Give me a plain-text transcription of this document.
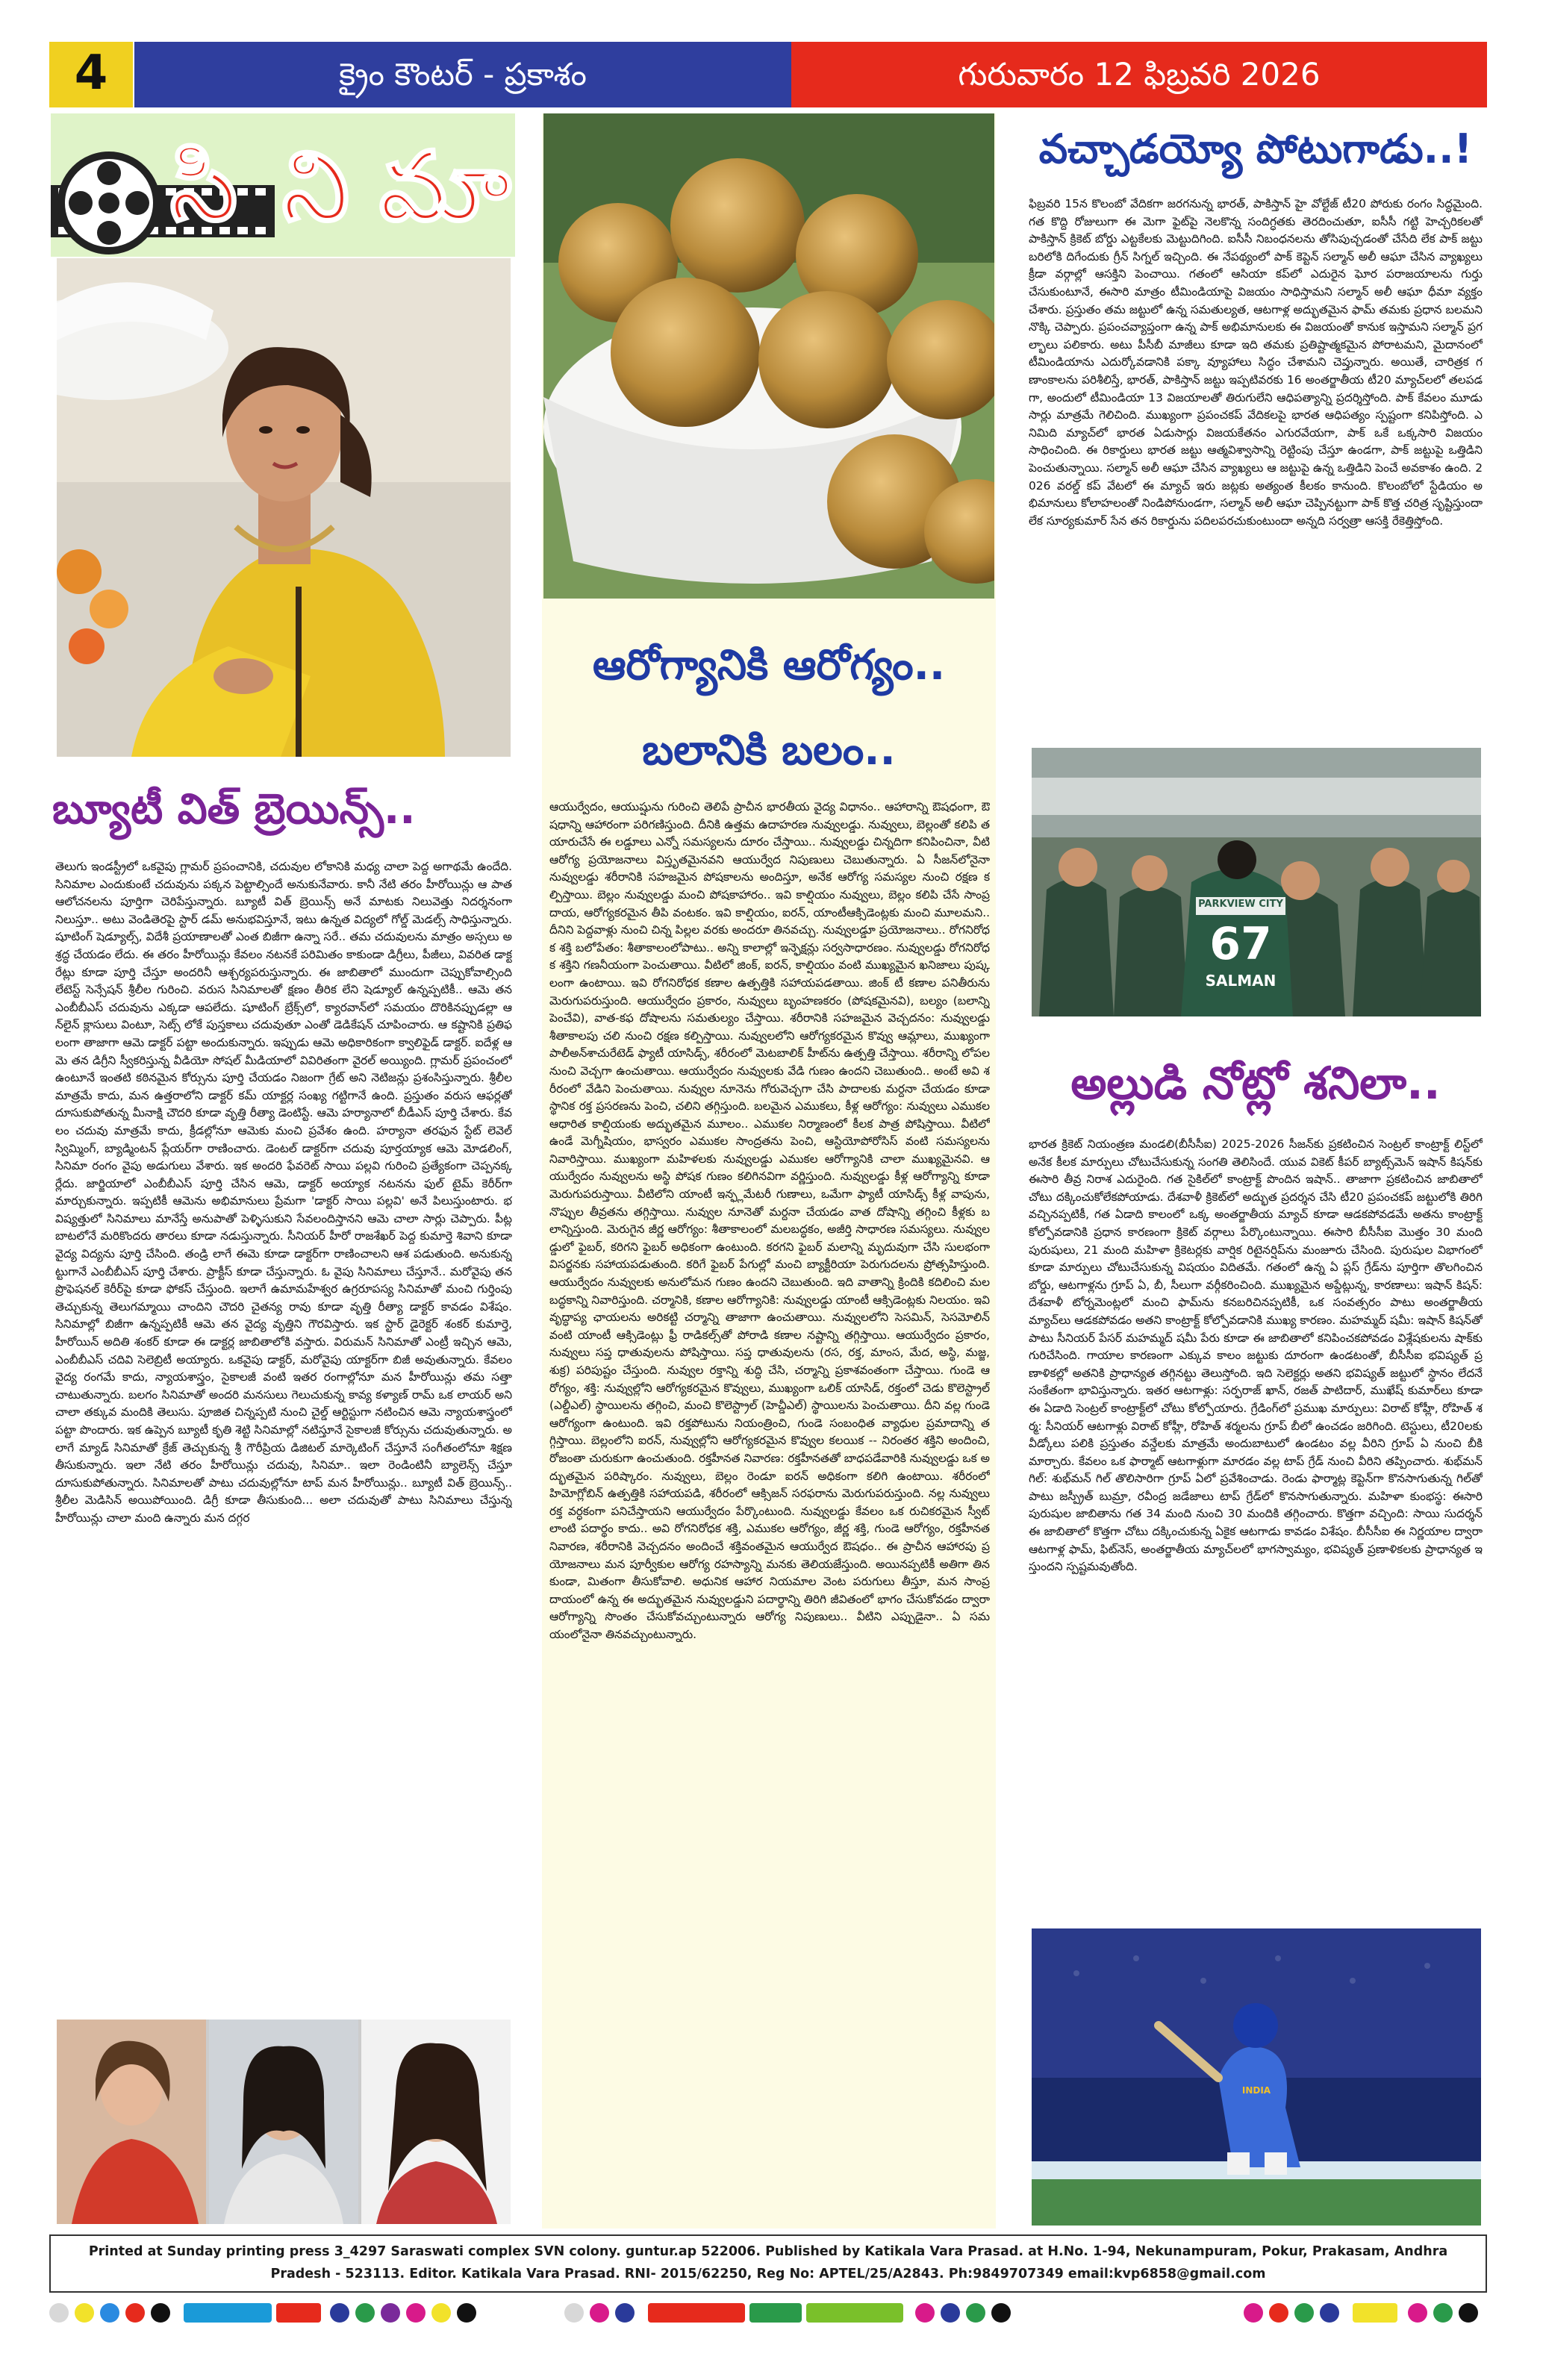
4	క్రైం కౌంటర్ - ప్రకాశం	గురువారం 12 ఫిబ్రవరి 2026
సి ని మా
బ్యూటీ విత్ బ్రెయిన్స్..
తెలుగు ఇండస్ట్రీలో ఒకవైపు గ్లామర్ ప్రపంచానికి, చదువుల లోకానికి మధ్య చాలా పెద్ద అగాథమే ఉందేది. సినిమాల ఎందుకుంటే చదువును పక్కన పెట్టాల్సిందే అనుకునేవారు. కానీ నేటి తరం హీరోయిన్లు ఆ పాత ఆలోచనలను పూర్తిగా చెరిపేస్తున్నారు. బ్యూటీ విత్ బ్రెయిన్స్ అనే మాటకు నిలువెత్తు నిదర్శనంగా నిలుస్తూ.. అటు వెండితెరపై స్టార్ డమ్ అనుభవిస్తూనే, ఇటు ఉన్నత విద్యలో గోల్డ్ మెడల్స్ సాధిస్తున్నారు. షూటింగ్ షెడ్యూల్స్, విదేశీ ప్రయాణాలతో ఎంత బిజీగా ఉన్నా సరే.. తమ చదువులను మాత్రం అస్సలు అశ్రద్ధ చేయడం లేదు. ఈ తరం హీరోయిన్లు కేవలం నటనకే పరిమితం కాకుండా డిగ్రీలు, పీజీలు, వివరిత డాక్టరేట్లు కూడా పూర్తి చేస్తూ అందరినీ ఆశ్చర్యపరుస్తున్నారు. ఈ జాబితాలో ముందుగా చెప్పుకోవాల్సింది లేటెస్ట్ సెన్సేషన్ శ్రీలీల గురించి. వరుస సినిమాలతో క్షణం తీరిక లేని షెడ్యూల్ ఉన్నప్పటికీ.. ఆమె తన ఎంబీబీఎస్ చదువును ఎక్కడా ఆపలేదు. షూటింగ్ బ్రేక్స్‌లో, క్యారవాన్‌లో సమయం దొరికినప్పుడల్లా ఆన్‌లైన్ క్లాసులు వింటూ, సెట్స్ లోకే పుస్తకాలు చదువుతూ ఎంతో డెడికేషన్ చూపించారు. ఆ కష్టానికి ప్రతిఫలంగా తాజాగా ఆమె డాక్టర్ పట్టా అందుకున్నారు. ఇప్పుడు ఆమె అధికారికంగా క్వాలిఫైడ్ డాక్టర్. ఐదేళ్ల ఆమె తన డిగ్రీని స్వీకరిస్తున్న వీడియో సోషల్ మీడియాలో వివిరితంగా వైరల్ అయ్యింది. గ్లామర్ ప్రపంచంలో ఉంటూనే ఇంతటి కఠినమైన కోర్సును పూర్తి చేయడం నిజంగా గ్రేట్ అని నెటిజన్లు ప్రశంసిస్తున్నారు. శ్రీలీల మాత్రమే కాదు, మన ఉత్తరాలోని డాక్టర్ కమ్ యాక్టర్ల సంఖ్య గట్టిగానే ఉంది. ప్రస్తుతం వరుస ఆఫర్లతో దూసుకుపోతున్న మీనాక్షి చౌదరి కూడా వృత్తి రీత్యా డెంటిస్టే. ఆమె హర్యానాలో బీడీఎస్ పూర్తి చేశారు. కేవలం చదువు మాత్రమే కాదు, క్రీడల్లోనూ ఆమెకు మంచి ప్రవేశం ఉంది. హర్యానా తరఫున స్టేట్ లెవెల్ స్విమ్మింగ్, బ్యాడ్మింటన్ ప్లేయర్‌గా రాణించారు. డెంటల్ డాక్టర్‌గా చదువు పూర్తయ్యాక ఆమె మోడలింగ్, సినిమా రంగం వైపు అడుగులు వేశారు. ఇక అందరి ఫేవరెట్ సాయి పల్లవి గురించి ప్రత్యేకంగా చెప్పనక్కర్లేదు. జార్జియాలో ఎంబీబీఎస్ పూర్తి చేసిన ఆమె, డాక్టర్ అయ్యాక నటనను ఫుల్ టైమ్ కెరీర్‌గా మార్చుకున్నారు. ఇప్పటికీ ఆమెను అభిమానులు ప్రేమగా 'డాక్టర్ సాయి పల్లవి' అనే పిలుస్తుంటారు. భవిష్యత్తులో సినిమాలు మానేస్తే అనుపాతో పెళ్ళిసుకుని సేవలందిస్తానని ఆమె చాలా సార్లు చెప్పారు. పీట్ల బాటలోనే మరికొందరు తారలు కూడా నడుస్తున్నారు. సీనియర్ హీరో రాజశేఖర్ పెద్ద కుమార్తె శివాని కూడా వైద్య విద్యను పూర్తి చేసింది. తండ్రి లాగే ఈమె కూడా డాక్టర్‌గా రాణించాలని ఆశ పడుతుంది. అనుకున్నట్టుగానే ఎంబీబీఎస్ పూర్తి చేశారు. ప్రాక్టీస్ కూడా చేస్తున్నారు. ఓ వైపు సినిమాలు చేస్తూనే.. మరోవైపు తన ప్రొఫెషనల్ కెరీర్‌పై కూడా ఫోకస్ చేస్తుంది. ఇలాగే ఉమామహేశ్వర ఉగ్రరూపస్య సినిమాతో మంచి గుర్తింపు తెచ్చుకున్న తెలుగమ్మాయి చాందిని చౌదరి చైతన్య రావు కూడా వృత్తి రీత్యా డాక్టర్ కావడం విశేషం. సినిమాల్లో బిజీగా ఉన్నప్పటికీ ఆమె తన వైద్య వృత్తిని గౌరవిస్తారు. ఇక స్టార్ డైరెక్టర్ శంకర్ కుమార్తె, హీరోయిన్ అదితి శంకర్ కూడా ఈ డాక్టర్ల జాబితాలోకి వస్తారు. విరుమన్ సినిమాతో ఎంట్రీ ఇచ్చిన ఆమె, ఎంబీబీఎస్ చదివి సెలెబ్రిటీ అయ్యారు. ఒకవైపు డాక్టర్, మరోవైపు యాక్టర్‌గా బిజీ అవుతున్నారు. కేవలం వైద్య రంగమే కాదు, న్యాయశాస్త్రం, సైకాలజీ వంటి ఇతర రంగాల్లోనూ మన హీరోయిన్లు తమ సత్తా చాటుతున్నారు. బలగం సినిమాతో అందరి మనసులు గెలుచుకున్న కావ్య కళ్యాణ్ రామ్ ఒక లాయర్ అని చాలా తక్కువ మందికి తెలుసు. పూజిత చిన్నప్పటి నుంచి చైల్డ్ ఆర్టిస్టుగా నటించిన ఆమె న్యాయశాస్త్రంలో పట్టా పొందారు. ఇక ఉప్పెన బ్యూటీ కృతి శెట్టి సినిమాల్లో నటిస్తూనే సైకాలజీ కోర్సును చదువుతున్నారు. అలాగే మ్యాడ్ సినిమాతో క్రేజ్ తెచ్చుకున్న శ్రీ గౌరీప్రియ డిజిటల్ మార్కెటింగ్ చేస్తూనే సంగీతంలోనూ శిక్షణ తీసుకున్నారు. ఇలా నేటి తరం హీరోయిన్లు చదువు, సినిమా.. ఇలా రెండింటినీ బ్యాలెన్స్ చేస్తూ దూసుకుపోతున్నారు. సినిమాలతో పాటు చదువుల్లోనూ టాప్ మన హీరోయిన్లు.. బ్యూటీ విత్ బ్రెయిన్స్.. శ్రీలీల మెడిసిన్ అయిపోయింది. డిగ్రీ కూడా తీసుకుంది... అలా చదువుతో పాటు సినిమాలు చేస్తున్న హీరోయిన్లు చాలా మంది ఉన్నారు మన దగ్గర
ఆరోగ్యానికి ఆరోగ్యం..
బలానికి బలం..
ఆయుర్వేదం, ఆయుష్షును గురించి తెలిపే ప్రాచీన భారతీయ వైద్య విధానం.. ఆహారాన్ని ఔషధంగా, ఔషధాన్ని ఆహారంగా పరిగణిస్తుంది. దీనికి ఉత్తమ ఉదాహరణ నువ్వులడ్డు. నువ్వులు, బెల్లంతో కలిపి తయారుచేసే ఈ లడ్డూలు ఎన్నో సమస్యలను దూరం చేస్తాయి.. నువ్వులడ్డు చిన్నదిగా కనిపించినా, వీటి ఆరోగ్య ప్రయోజనాలు విస్తృతమైనవని ఆయుర్వేద నిపుణులు చెబుతున్నారు. ఏ సీజన్‌లోనైనా నువ్వులడ్డు శరీరానికి సహజమైన పోషకాలను అందిస్తూ, అనేక ఆరోగ్య సమస్యల నుంచి రక్షణ కల్పిస్తాయి. బెల్లం నువ్వులడ్డు మంచి పోషకాహారం.. ఇవి కాల్షియం నువ్వులు, బెల్లం కలిపి చేసే సాంప్రదాయ, ఆరోగ్యకరమైన తీపి వంటకం. ఇవి కాల్షియం, ఐరన్, యాంటీఆక్సిడెంట్లకు మంచి మూలమని.. దీనిని పెద్దవాళ్లు నుంచి చిన్న పిల్లల వరకు అందరూ తినవచ్చు. నువ్వులడ్డూ ప్రయోజనాలు.. రోగనిరోధక శక్తి బలోపేతం: శీతాకాలంలోపాటు.. అన్ని కాలాల్లో ఇన్ఫెక్షన్లు సర్వసాధారణం. నువ్వులడ్డు రోగనిరోధక శక్తిని గణనీయంగా పెంచుతాయి. వీటిలో జింక్, ఐరన్, కాల్షియం వంటి ముఖ్యమైన ఖనిజాలు పుష్కలంగా ఉంటాయి. ఇవి రోగనిరోధక కణాల ఉత్పత్తికి సహాయపడతాయి. జింక్ టీ కణాల పనితీరును మెరుగుపరుస్తుంది. ఆయుర్వేదం ప్రకారం, నువ్వులు బృంహణకరం (పోషకమైనవి), బల్యం (బలాన్ని పెంచేవి), వాత-కఫ దోషాలను సమతుల్యం చేస్తాయి. శరీరానికి సహజమైన వెచ్చదనం: నువ్వులడ్డు శీతాకాలపు చలి నుంచి రక్షణ కల్పిస్తాయి. నువ్వులలోని ఆరోగ్యకరమైన కొవ్వు ఆమ్లాలు, ముఖ్యంగా పాలీఅన్‌శాచురేటెడ్ ఫ్యాటీ యాసిడ్స్, శరీరంలో మెటబాలిక్ హీట్‌ను ఉత్పత్తి చేస్తాయి. శరీరాన్ని లోపల నుంచి వెచ్చగా ఉంచుతాయి. ఆయుర్వేదం నువ్వులకు వేడి గుణం ఉందని చెబుతుంది.. అంటే అవి శరీరంలో వేడిని పెంచుతాయి. నువ్వుల నూనెను గోరువెచ్చగా చేసి పాదాలకు మర్దనా చేయడం కూడా స్థానిక రక్త ప్రసరణను పెంచి, చలిని తగ్గిస్తుంది. బలమైన ఎముకలు, కీళ్ల ఆరోగ్యం: నువ్వులు ఎముకల ఆధారిత కాల్షియంకు అద్భుతమైన మూలం.. ఎముకల నిర్మాణంలో కీలక పాత్ర పోషిస్తాయి. వీటిలో ఉండే మెగ్నీషియం, భాస్వరం ఎముకల సాంద్రతను పెంచి, ఆస్టియోపోరోసిస్ వంటి సమస్యలను నివారిస్తాయి. ముఖ్యంగా మహిళలకు నువ్వులడ్డు ఎముకల ఆరోగ్యానికి చాలా ముఖ్యమైనవి. ఆయుర్వేదం నువ్వులను అస్థి పోషక గుణం కలిగినవిగా వర్ణిస్తుంది. నువ్వులడ్డు కీళ్ల ఆరోగ్యాన్ని కూడా మెరుగుపరుస్తాయి. వీటిలోని యాంటీ ఇన్ఫ్లమేటరీ గుణాలు, ఒమేగా ఫ్యాటీ యాసిడ్స్ కీళ్ల వాపును, నొప్పుల తీవ్రతను తగ్గిస్తాయి. నువ్వుల నూనెతో మర్దనా చేయడం వాత దోషాన్ని తగ్గించి కీళ్లకు బలాన్నిస్తుంది. మెరుగైన జీర్ణ ఆరోగ్యం: శీతాకాలంలో మలబద్ధకం, అజీర్తి సాధారణ సమస్యలు. నువ్వులడ్డులో ఫైబర్, కరిగని ఫైబర్ అధికంగా ఉంటుంది. కరగని ఫైబర్ మలాన్ని మృదువుగా చేసి సులభంగా విసర్జనకు సహాయపడుతుంది. కరిగే ఫైబర్ పేగుల్లో మంచి బ్యాక్టీరియా పెరుగుదలను ప్రోత్సహిస్తుంది. ఆయుర్వేదం నువ్వులకు అనులోమన గుణం ఉందని చెబుతుంది. ఇది వాతాన్ని క్రిందికి కదిలించి మలబద్ధకాన్ని నివారిస్తుంది. చర్మానికి, కణాల ఆరోగ్యానికి: నువ్వులడ్డు యాంటీ ఆక్సిడెంట్లకు నిలయం. ఇవి వృద్ధాప్య ఛాయలను అరికట్టి చర్మాన్ని తాజాగా ఉంచుతాయి. నువ్వులలోని సెసమిన్, సెసమోలిన్ వంటి యాంటీ ఆక్సిడెంట్లు ఫ్రీ రాడికల్స్‌తో పోరాడి కణాల నష్టాన్ని తగ్గిస్తాయి. ఆయుర్వేదం ప్రకారం, నువ్వులు సప్త ధాతువులను పోషిస్తాయి. సప్త ధాతువులను (రస, రక్త, మాంస, మేద, అస్థి, మజ్జ, శుక్ర) పరిపుష్టం చేస్తుంది. నువ్వుల రక్తాన్ని శుద్ధి చేసి, చర్మాన్ని ప్రకాశవంతంగా చేస్తాయి. గుండె ఆరోగ్యం, శక్తి: నువ్వుల్లోని ఆరోగ్యకరమైన కొవ్వులు, ముఖ్యంగా ఒలిక్ యాసిడ్, రక్తంలో చెడు కొలెస్ట్రాల్ (ఎల్డీఎల్) స్థాయిలను తగ్గించి, మంచి కొలెస్ట్రాల్ (హెచ్డీఎల్) స్థాయిలను పెంచుతాయి. దీని వల్ల గుండె ఆరోగ్యంగా ఉంటుంది. ఇవి రక్తపోటును నియంత్రించి, గుండె సంబంధిత వ్యాధుల ప్రమాదాన్ని తగ్గిస్తాయి. బెల్లంలోని ఐరన్, నువ్వుల్లోని ఆరోగ్యకరమైన కొవ్వుల కలయిక -- నిరంతర శక్తిని అందించి, రోజంతా చురుకుగా ఉంచుతుంది. రక్తహీనత నివారణ: రక్తహీనతతో బాధపడేవారికి నువ్వులడ్డు ఒక అద్భుతమైన పరిష్కారం. నువ్వులు, బెల్లం రెండూ ఐరన్ అధికంగా కలిగి ఉంటాయి. శరీరంలో హిమోగ్లోబిన్ ఉత్పత్తికి సహాయపడి, శరీరంలో ఆక్సిజన్ సరఫరాను మెరుగుపరుస్తుంది. నల్ల నువ్వులు రక్త వర్ధకంగా పనిచేస్తాయని ఆయుర్వేదం పేర్కొంటుంది. నువ్వులడ్డు కేవలం ఒక రుచికరమైన స్వీట్ లాంటి పదార్థం కాదు.. అవి రోగనిరోధక శక్తి, ఎముకల ఆరోగ్యం, జీర్ణ శక్తి, గుండె ఆరోగ్యం, రక్తహీనత నివారణ, శరీరానికి వెచ్చదనం అందించే శక్తివంతమైన ఆయుర్వేద ఔషధం.. ఈ ప్రాచీన ఆహారపు ప్రయోజనాలు మన పూర్వీకుల ఆరోగ్య రహస్యాన్ని మనకు తెలియజేస్తుంది. అయినప్పటికీ అతిగా తినకుండా, మితంగా తీసుకోవాలి. అధునిక ఆహార నియమాల వెంట పరుగులు తీస్తూ, మన సాంప్రదాయంలో ఉన్న ఈ అద్భుతమైన నువ్వులడ్డుని పదార్థాన్ని తిరిగి జీవితంలో భాగం చేసుకోవడం ద్వారా ఆరోగ్యాన్ని సొంతం చేసుకోవచ్చుంటున్నారు ఆరోగ్య నిపుణులు.. వీటిని ఎప్పుడైనా.. ఏ సమయంలోనైనా తినవచ్చుంటున్నారు.
వచ్చాడయ్యో పోటుగాడు..!
ఫిబ్రవరి 15న కొలంబో వేదికగా జరగనున్న భారత్, పాకిస్తాన్ హై వోల్టేజ్ టీ20 పోరుకు రంగం సిద్ధమైంది. గత కొద్ది రోజులుగా ఈ మెగా ఫైట్‌పై నెలకొన్న సందిగ్ధతకు తెరదించుతూ, ఐసీసీ గట్టి హెచ్చరికలతో పాకిస్తాన్ క్రికెట్ బోర్డు ఎట్టకేలకు మెట్టుదిగింది. ఐసీసీ నిబంధనలను తోసిపుచ్చడంతో చేసేది లేక పాక్ జట్టు బరిలోకి దిగేందుకు గ్రీన్ సిగ్నల్ ఇచ్చింది. ఈ నేపథ్యంలో పాక్ కెప్టెన్ సల్మాన్ అలీ ఆఘా చేసిన వ్యాఖ్యలు క్రీడా వర్గాల్లో ఆసక్తిని పెంచాయి. గతంలో ఆసియా కప్‌లో ఎదురైన ఘోర పరాజయాలను గుర్తు చేసుకుంటూనే, ఈసారి మాత్రం టీమిండియాపై విజయం సాధిస్తామని సల్మాన్ అలీ ఆఘా ధీమా వ్యక్తం చేశారు. ప్రస్తుతం తమ జట్టులో ఉన్న సమతుల్యత, ఆటగాళ్ల అద్భుతమైన ఫామ్ తమకు ప్రధాన బలమని నొక్కి చెప్పారు. ప్రపంచవ్యాప్తంగా ఉన్న పాక్ అభిమానులకు ఈ విజయంతో కానుక ఇస్తామని సల్మాన్ ప్రగల్భాలు పలికారు. అటు పీసీబీ మాజీలు కూడా ఇది తమకు ప్రతిష్టాత్మకమైన పోరాటమని, మైదానంలో టీమిండియాను ఎదుర్కోవడానికి పక్కా వ్యూహాలు సిద్ధం చేశామని చెప్తున్నారు. అయితే, చారిత్రక గణాంకాలను పరిశీలిస్తే, భారత్, పాకిస్తాన్ జట్టు ఇప్పటివరకు 16 అంతర్జాతీయ టీ20 మ్యాచ్‌లలో తలపడగా, అందులో టీమిండియా 13 విజయాలతో తిరుగులేని ఆధిపత్యాన్ని ప్రదర్శిస్తోంది. పాక్ కేవలం మూడు సార్లు మాత్రమే గెలిచింది. ముఖ్యంగా ప్రపంచకప్ వేదికలపై భారత ఆధిపత్యం స్పష్టంగా కనిపిస్తోంది. ఎనిమిది మ్యాచ్‌లో భారత ఏడుసార్లు విజయకేతనం ఎగురవేయగా, పాక్ ఒకే ఒక్కసారి విజయం సాధించింది. ఈ రికార్డులు భారత జట్టు ఆత్మవిశ్వాసాన్ని రెట్టింపు చేస్తూ ఉండగా, పాక్ జట్టుపై ఒత్తిడిని పెంచుతున్నాయి. సల్మాన్ అలీ ఆఘా చేసిన వ్యాఖ్యలు ఆ జట్టుపై ఉన్న ఒత్తిడిని పెంచే అవకాశం ఉంది. 2026 వరల్డ్ కప్ వేటలో ఈ మ్యాచ్ ఇరు జట్లకు అత్యంత కీలకం కానుంది. కొలంబోలో స్టేడియం అభిమానులు కోలాహలంతో నిండిపోనుండగా, సల్మాన్ అలీ ఆఘా చెప్పినట్టుగా పాక్ కొత్త చరిత్ర సృష్టిస్తుందా లేక సూర్యకుమార్ సేన తన రికార్డును పదిలపరచుకుంటుందా అన్నది సర్వత్రా ఆసక్తి రేకెత్తిస్తోంది.
PARKVIEW CITY
67
SALMAN
అల్లుడి నోట్లో శనిలా..
భారత క్రికెట్ నియంత్రణ మండలి(బీసీసీఐ) 2025-2026 సీజన్‌కు ప్రకటించిన సెంట్రల్ కాంట్రాక్ట్ లిస్ట్‌లో అనేక కీలక మార్పులు చోటుచేసుకున్న సంగతి తెలిసిందే. యువ వికెట్ కీపర్ బ్యాట్స్‌మెన్ ఇషాన్ కిషన్‌కు ఈసారి తీవ్ర నిరాశ ఎదురైంది. గత సైకిల్‌లో కాంట్రాక్ట్ పొందిన ఇషాన్.. తాజాగా ప్రకటించిన జాబితాలో చోటు దక్కించుకోలేకపోయాడు. దేశవాళీ క్రికెట్‌లో అద్భుత ప్రదర్శన చేసి టీ20 ప్రపంచకప్ జట్టులోకి తిరిగి వచ్చినప్పటికీ, గత ఏడాది కాలంలో ఒక్క అంతర్జాతీయ మ్యాచ్ కూడా ఆడకపోవడమే అతను కాంట్రాక్ట్ కోల్పోవడానికి ప్రధాన కారణంగా క్రికెట్ వర్గాలు పేర్కొంటున్నాయి. ఈసారి బీసీసీఐ మొత్తం 30 మంది పురుషులు, 21 మంది మహిళా క్రికెటర్లకు వార్షిక రిటైనర్షిప్‌ను మంజూరు చేసింది. పురుషుల విభాగంలో కూడా మార్పులు చోటుచేసుకున్న విషయం విదితమే. గతంలో ఉన్న ఏ ప్లస్ గ్రేడ్‌ను పూర్తిగా తొలగించిన బోర్డు, ఆటగాళ్లను గ్రూప్ ఏ, బీ, సీలుగా వర్గీకరించింది. ముఖ్యమైన అప్డేట్లున్న, కారణాలు: ఇషాన్ కిషన్: దేశవాళీ టోర్నమెంట్లలో మంచి ఫామ్‌ను కనబరిచినప్పటికీ, ఒక సంవత్సరం పాటు అంతర్జాతీయ మ్యాచ్‌లు ఆడకపోవడం అతని కాంట్రాక్ట్ కోల్పోవడానికి ముఖ్య కారణం. మహమ్మద్ షమీ: ఇషాన్ కిషన్‌తో పాటు సీనియర్ పేసర్ మహమ్మద్ షమీ పేరు కూడా ఈ జాబితాలో కనిపించకపోవడం విశ్లేషకులను షాక్‌కు గురిచేసింది. గాయాల కారణంగా ఎక్కువ కాలం జట్టుకు దూరంగా ఉండటంతో, బీసీసీఐ భవిష్యత్ ప్రణాళికల్లో అతనికి ప్రాధాన్యత తగ్గినట్టు తెలుస్తోంది. ఇది సెలెక్టర్లు అతని భవిష్యత్ జట్టులో స్థానం లేదనే సంకేతంగా భావిస్తున్నారు. ఇతర ఆటగాళ్లు: సర్ఫరాజ్ ఖాన్, రజత్ పాటిదార్, ముఖేష్ కుమార్‌లు కూడా ఈ ఏడాది సెంట్రల్ కాంట్రాక్ట్‌లో చోటు కోల్పోయారు. గ్రేడింగ్‌లో ప్రముఖ మార్పులు: విరాట్ కోహ్లీ, రోహిత్ శర్మ: సీనియర్ ఆటగాళ్లు విరాట్ కోహ్లీ, రోహిత్ శర్మలను గ్రూప్ బీలో ఉంచడం జరిగింది. టెస్టులు, టీ20లకు వీడ్కోలు పలికి ప్రస్తుతం వన్డేలకు మాత్రమే అందుబాటులో ఉండటం వల్ల వీరిని గ్రూప్ ఏ నుంచి బీకి మార్చారు. కేవలం ఒక ఫార్మాట్ ఆటగాళ్లుగా మారడం వల్ల టాప్ గ్రేడ్ నుంచి వీరిని తప్పించారు. శుభ్‌మన్ గిల్: శుభ్‌మన్ గిల్ తొలిసారిగా గ్రూప్ ఏలో ప్రవేశించాడు. రెండు ఫార్మాట్ల కెప్టెన్‌గా కొనసాగుతున్న గిల్‌తో పాటు జస్ప్రీత్ బుమ్రా, రవీంద్ర జడేజాలు టాప్ గ్రేడ్‌లో కొనసాగుతున్నారు. మహిళా కుంభస్థ: ఈసారి పురుషుల జాబితాను గత 34 మంది నుంచి 30 మందికి తగ్గించారు. కొత్తగా వచ్చింది: సాయి సుదర్శన్ ఈ జాబితాలో కొత్తగా చోటు దక్కించుకున్న ఏకైక ఆటగాడు కావడం విశేషం. బీసీసీఐ ఈ నిర్ణయాల ద్వారా ఆటగాళ్ల ఫామ్, ఫిట్‌నెస్, అంతర్జాతీయ మ్యాచ్‌లలో భాగస్వామ్యం, భవిష్యత్ ప్రణాళికలకు ప్రాధాన్యత ఇస్తుందని స్పష్టమవుతోంది.
INDIA
Printed at Sunday printing press 3_4297 Saraswati complex SVN colony. guntur.ap 522006. Published by Katikala Vara Prasad. at H.No. 1-94, Nekunampuram, Pokur, Prakasam, Andhra
Pradesh - 523113. Editor. Katikala Vara Prasad. RNI- 2015/62250, Reg No: APTEL/25/A2843. Ph:9849707349 email:kvp6858@gmail.com
